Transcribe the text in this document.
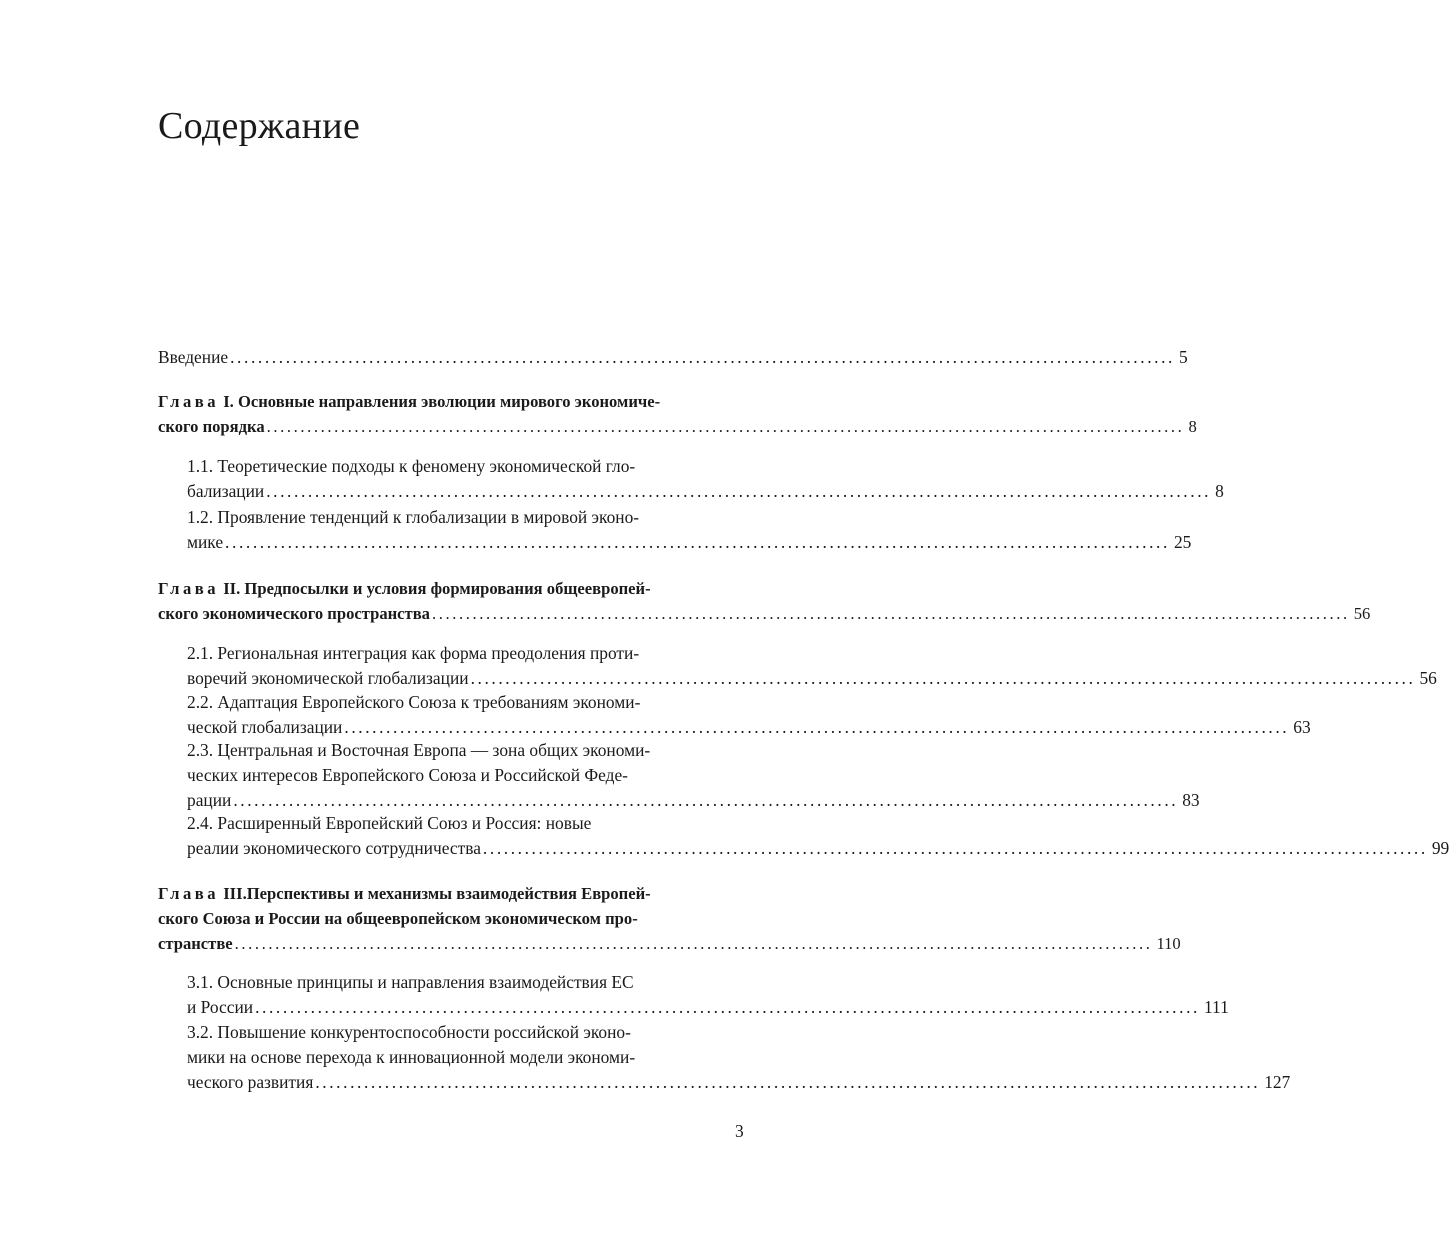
Содержание
Введение ........................................................................................................................................ 5
Глава I. Основные направления эволюции мирового экономиче-
ского порядка ........................................................................................................................................ 8
1.1. Теоретические подходы к феномену экономической гло-
бализации ........................................................................................................................................ 8
1.2. Проявление тенденций к глобализации в мировой эконо-
мике ........................................................................................................................................ 25
Глава II. Предпосылки и условия формирования общеевропей-
ского экономического пространства ........................................................................................................................................ 56
2.1. Региональная интеграция как форма преодоления проти-
воречий экономической глобализации ........................................................................................................................................ 56
2.2. Адаптация Европейского Союза к требованиям экономи-
ческой глобализации ........................................................................................................................................ 63
2.3. Центральная и Восточная Европа — зона общих экономи-
ческих интересов Европейского Союза и Российской Феде-
рации ........................................................................................................................................ 83
2.4. Расширенный Европейский Союз и Россия: новые
реалии экономического сотрудничества ........................................................................................................................................ 99
Глава III.Перспективы и механизмы взаимодействия Европей-
ского Союза и России на общеевропейском экономическом про-
странстве ........................................................................................................................................ 110
3.1. Основные принципы и направления взаимодействия ЕС
и России ........................................................................................................................................ 111
3.2. Повышение конкурентоспособности российской эконо-
мики на основе перехода к инновационной модели экономи-
ческого развития ........................................................................................................................................ 127
3
